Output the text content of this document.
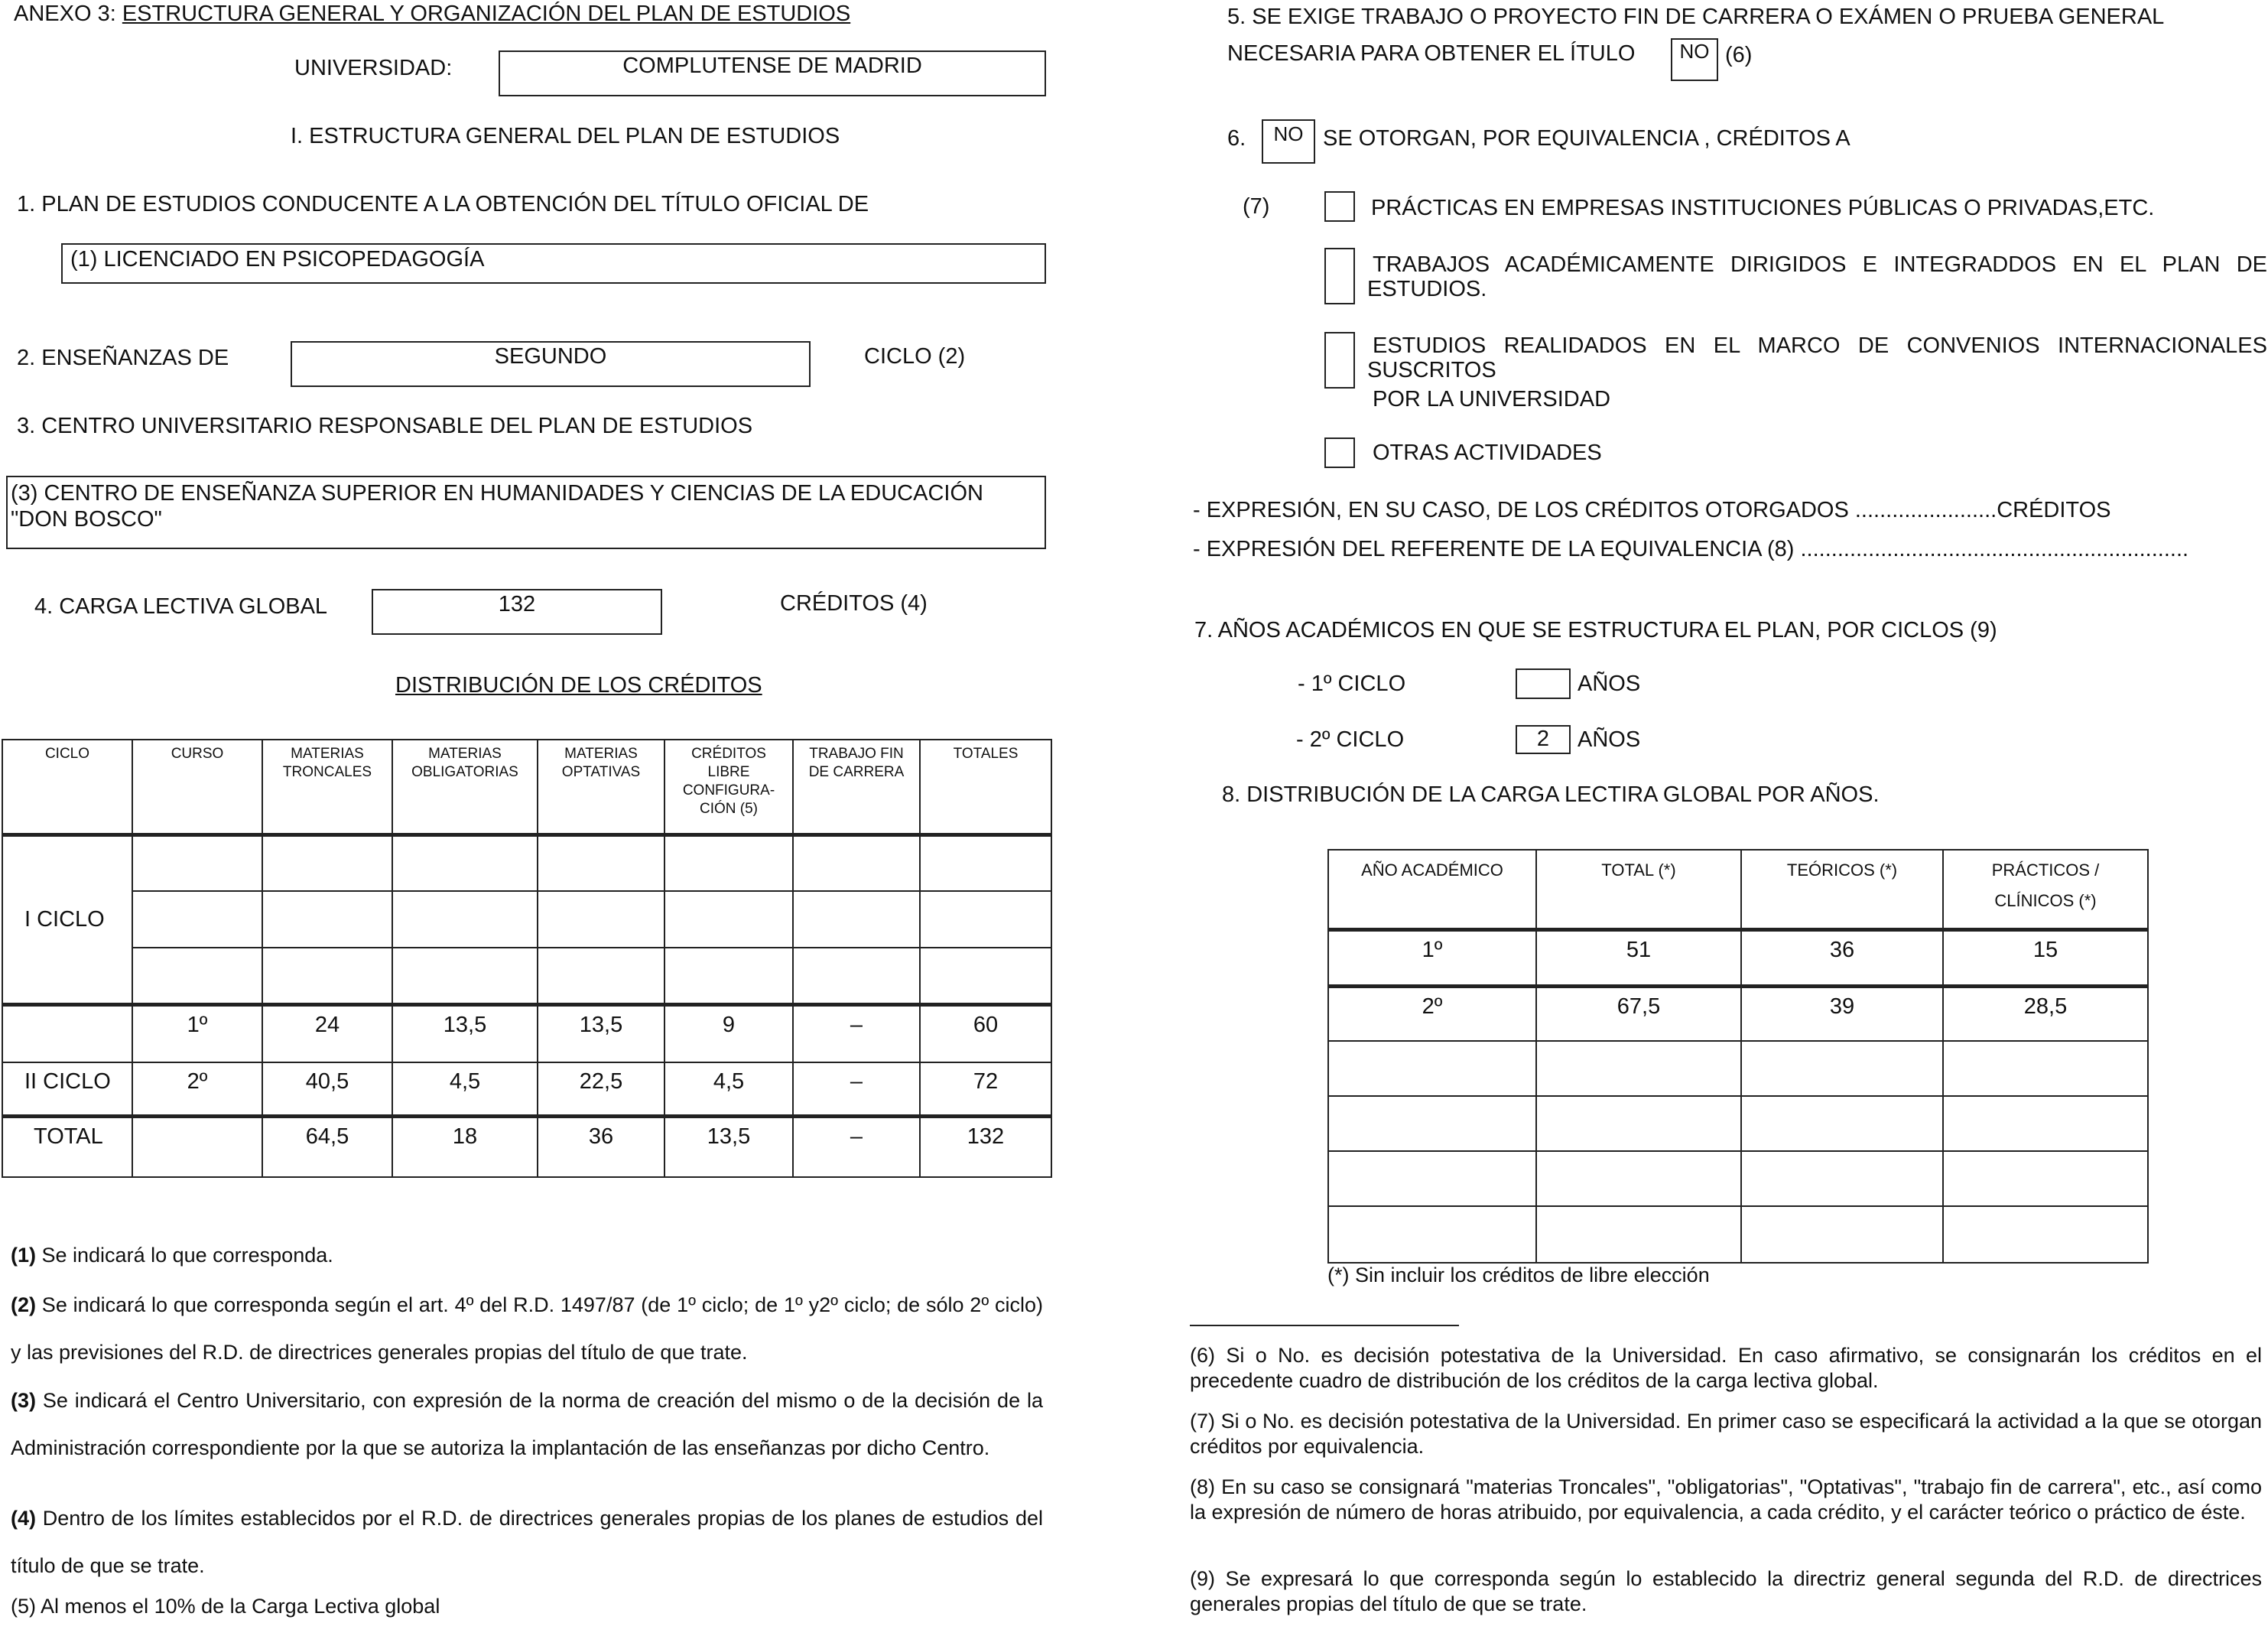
ANEXO 3: ESTRUCTURA GENERAL Y ORGANIZACIÓN DEL PLAN DE ESTUDIOS
UNIVERSIDAD:	COMPLUTENSE DE MADRID
I. ESTRUCTURA GENERAL DEL PLAN DE ESTUDIOS
1. PLAN DE ESTUDIOS CONDUCENTE A LA OBTENCIÓN DEL TÍTULO OFICIAL DE
(1) LICENCIADO EN PSICOPEDAGOGÍA
2. ENSEÑANZAS DE	SEGUNDO	CICLO (2)
3. CENTRO UNIVERSITARIO RESPONSABLE DEL PLAN DE ESTUDIOS
(3) CENTRO DE ENSEÑANZA SUPERIOR EN HUMANIDADES Y CIENCIAS DE LA EDUCACIÓN "DON BOSCO"
4. CARGA LECTIVA GLOBAL	132	CRÉDITOS (4)
DISTRIBUCIÓN DE LOS CRÉDITOS
CICLO	CURSO	MATERIAS TRONCALES	MATERIAS OBLIGATORIAS	MATERIAS OPTATIVAS	CRÉDITOS LIBRE CONFIGURA-CIÓN (5)	TRABAJO FIN DE CARRERA	TOTALES
I CICLO							

	1º	24	13,5	13,5	9	–	60
II CICLO	2º	40,5	4,5	22,5	4,5	–	72
TOTAL		64,5	18	36	13,5	–	132
(1) Se indicará lo que corresponda.
(2) Se indicará lo que corresponda según el art. 4º del R.D. 1497/87 (de 1º ciclo; de 1º y2º ciclo; de sólo 2º ciclo) y las previsiones del R.D. de directrices generales propias del título de que trate.
(3) Se indicará el Centro Universitario, con expresión de la norma de creación del mismo o de la decisión de la Administración correspondiente por la que se autoriza la implantación de las enseñanzas por dicho Centro.
(4) Dentro de los límites establecidos por el R.D. de directrices generales propias de los planes de estudios del título de que se trate.
(5) Al menos el 10% de la Carga Lectiva global
5. SE EXIGE TRABAJO O PROYECTO FIN DE CARRERA O EXÁMEN O PRUEBA GENERAL
NECESARIA PARA OBTENER EL ÍTULO	NO (6)
6.	NO SE OTORGAN, POR EQUIVALENCIA , CRÉDITOS A
(7)	PRÁCTICAS EN EMPRESAS INSTITUCIONES PÚBLICAS O PRIVADAS,ETC.
TRABAJOS ACADÉMICAMENTE DIRIGIDOS E INTEGRADDOS EN EL PLAN DE
ESTUDIOS.
ESTUDIOS REALIDADOS EN EL MARCO DE CONVENIOS INTERNACIONALES
SUSCRITOS
POR LA UNIVERSIDAD
OTRAS ACTIVIDADES
- EXPRESIÓN, EN SU CASO, DE LOS CRÉDITOS OTORGADOS .......................CRÉDITOS
- EXPRESIÓN DEL REFERENTE DE LA EQUIVALENCIA (8) ...............................................................
7. AÑOS ACADÉMICOS EN QUE SE ESTRUCTURA EL PLAN, POR CICLOS (9)
- 1º CICLO	AÑOS
- 2º CICLO	2	AÑOS
8. DISTRIBUCIÓN DE LA CARGA LECTIRA GLOBAL POR AÑOS.
AÑO ACADÉMICO	TOTAL (*)	TEÓRICOS (*)	PRÁCTICOS / CLÍNICOS (*)
1º	51	36	15
2º	67,5	39	28,5

(*) Sin incluir los créditos de libre elección
(6) Si o No. es decisión potestativa de la Universidad. En caso afirmativo, se consignarán los créditos en el precedente cuadro de distribución de los créditos de la carga lectiva global.
(7) Si o No. es decisión potestativa de la Universidad. En primer caso se especificará la actividad a la que se otorgan créditos por equivalencia.
(8) En su caso se consignará "materias Troncales", "obligatorias", "Optativas", "trabajo fin de carrera", etc., así como la expresión de número de horas atribuido, por equivalencia, a cada crédito, y el carácter teórico o práctico de éste.
(9) Se expresará lo que corresponda según lo establecido la directriz general segunda del R.D. de directrices generales propias del título de que se trate.
